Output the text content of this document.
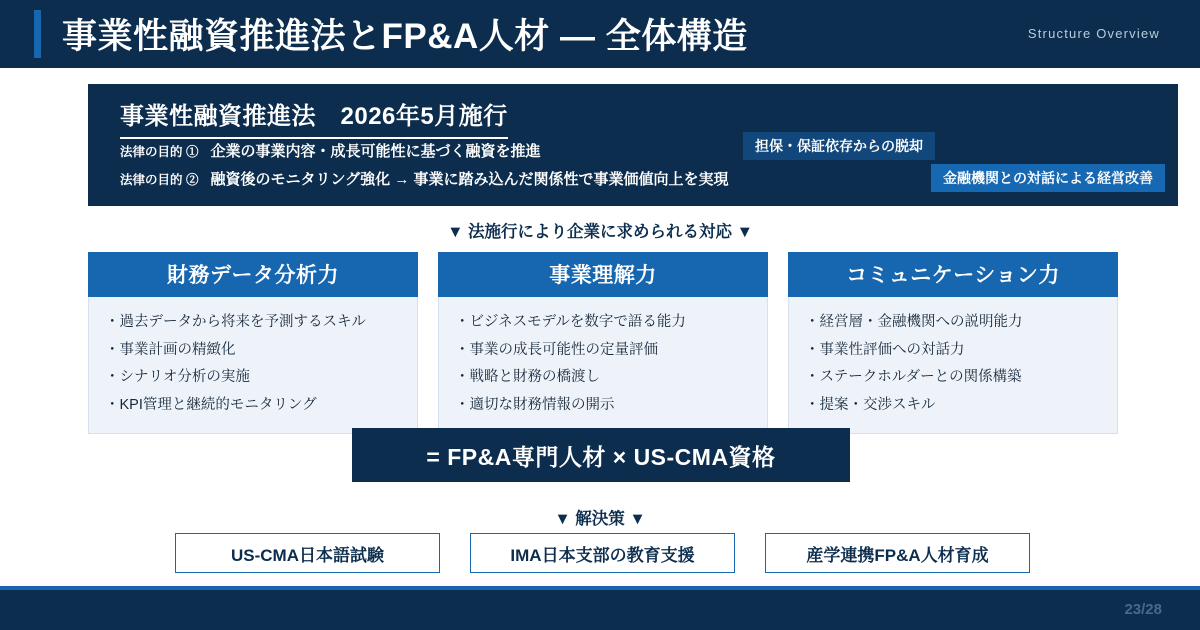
事業性融資推進法とFP&A人材 ― 全体構造	Structure Overview
事業性融資推進法　2026年5月施行
法律の目的 ① 企業の事業内容・成長可能性に基づく融資を推進
法律の目的 ② 融資後のモニタリング強化 → 事業に踏み込んだ関係性で事業価値向上を実現
担保・保証依存からの脱却
金融機関との対話による経営改善
▼ 法施行により企業に求められる対応 ▼
財務データ分析力
・過去データから将来を予測するスキル
・事業計画の精緻化
・シナリオ分析の実施
・KPI管理と継続的モニタリング
事業理解力
・ビジネスモデルを数字で語る能力
・事業の成長可能性の定量評価
・戦略と財務の橋渡し
・適切な財務情報の開示
コミュニケーション力
・経営層・金融機関への説明能力
・事業性評価への対話力
・ステークホルダーとの関係構築
・提案・交渉スキル
= FP&A専門人材 × US-CMA資格
▼ 解決策 ▼
US-CMA日本語試験	IMA日本支部の教育支援	産学連携FP&A人材育成
23/28
